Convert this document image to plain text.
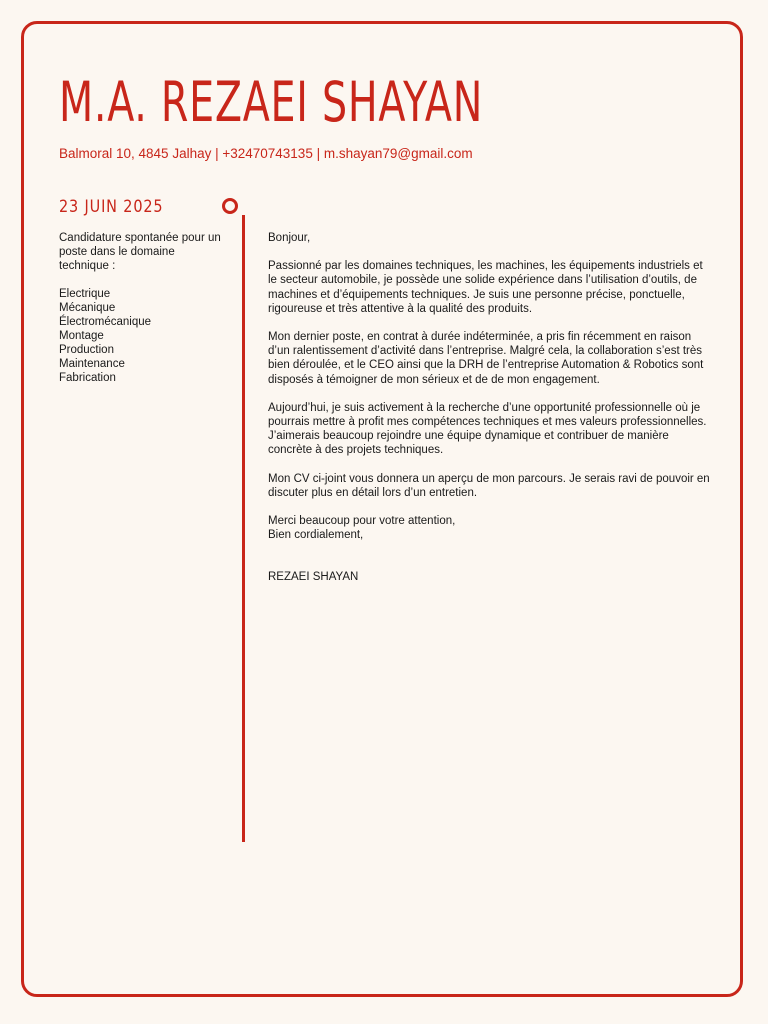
M.A. REZAEI SHAYAN
Balmoral 10, 4845 Jalhay | +32470743135 | m.shayan79@gmail.com
23 JUIN 2025

Candidature spontanée pour un poste dans le domaine technique :

Electrique
Mécanique
Électromécanique
Montage
Production
Maintenance
Fabrication

Bonjour,

Passionné par les domaines techniques, les machines, les équipements industriels et le secteur automobile, je possède une solide expérience dans l’utilisation d’outils, de machines et d’équipements techniques. Je suis une personne précise, ponctuelle, rigoureuse et très attentive à la qualité des produits.

Mon dernier poste, en contrat à durée indéterminée, a pris fin récemment en raison d’un ralentissement d’activité dans l’entreprise. Malgré cela, la collaboration s’est très bien déroulée, et le CEO ainsi que la DRH de l’entreprise Automation & Robotics sont disposés à témoigner de mon sérieux et de de mon engagement.

Aujourd’hui, je suis activement à la recherche d’une opportunité professionnelle où je pourrais mettre à profit mes compétences techniques et mes valeurs professionnelles. J’aimerais beaucoup rejoindre une équipe dynamique et contribuer de manière concrète à des projets techniques.

Mon CV ci-joint vous donnera un aperçu de mon parcours. Je serais ravi de pouvoir en discuter plus en détail lors d’un entretien.

Merci beaucoup pour votre attention,
Bien cordialement,

REZAEI SHAYAN
